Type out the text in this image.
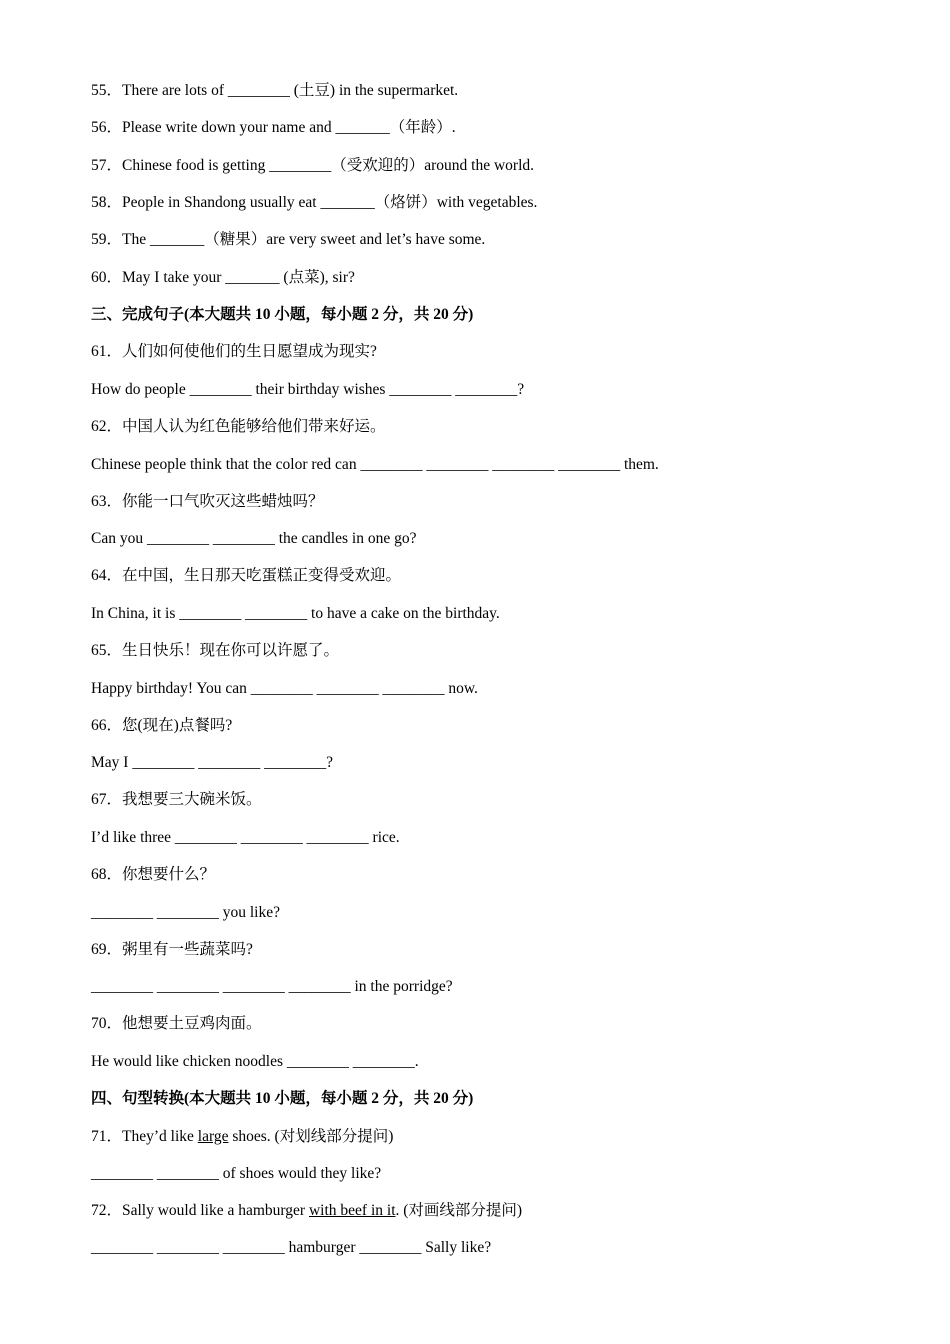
55．There are lots of ________ (土豆) in the supermarket.
56．Please write down your name and _______（年龄）.
57．Chinese food is getting ________（受欢迎的）around the world.
58．People in Shandong usually eat _______（烙饼）with vegetables.
59．The _______（糖果）are very sweet and let’s have some.
60．May I take your _______ (点菜), sir?
三、完成句子(本大题共 10 小题，每小题 2 分，共 20 分)
61．人们如何使他们的生日愿望成为现实?
How do people ________ their birthday wishes ________ ________?
62．中国人认为红色能够给他们带来好运。
Chinese people think that the color red can ________ ________ ________ ________ them.
63．你能一口气吹灭这些蜡烛吗？
Can you ________ ________ the candles in one go?
64．在中国，生日那天吃蛋糕正变得受欢迎。
In China, it is ________ ________ to have a cake on the birthday.
65．生日快乐！现在你可以许愿了。
Happy birthday! You can ________ ________ ________ now.
66．您(现在)点餐吗?
May I ________ ________ ________?
67．我想要三大碗米饭。
I’d like three ________ ________ ________ rice.
68．你想要什么？
________ ________ you like?
69．粥里有一些蔬菜吗?
________ ________ ________ ________ in the porridge?
70．他想要土豆鸡肉面。
He would like chicken noodles ________ ________.
四、句型转换(本大题共 10 小题，每小题 2 分，共 20 分)
71．They’d like large shoes. (对划线部分提问)
________ ________ of shoes would they like?
72．Sally would like a hamburger with beef in it. (对画线部分提问)
________ ________ ________ hamburger ________ Sally like?
